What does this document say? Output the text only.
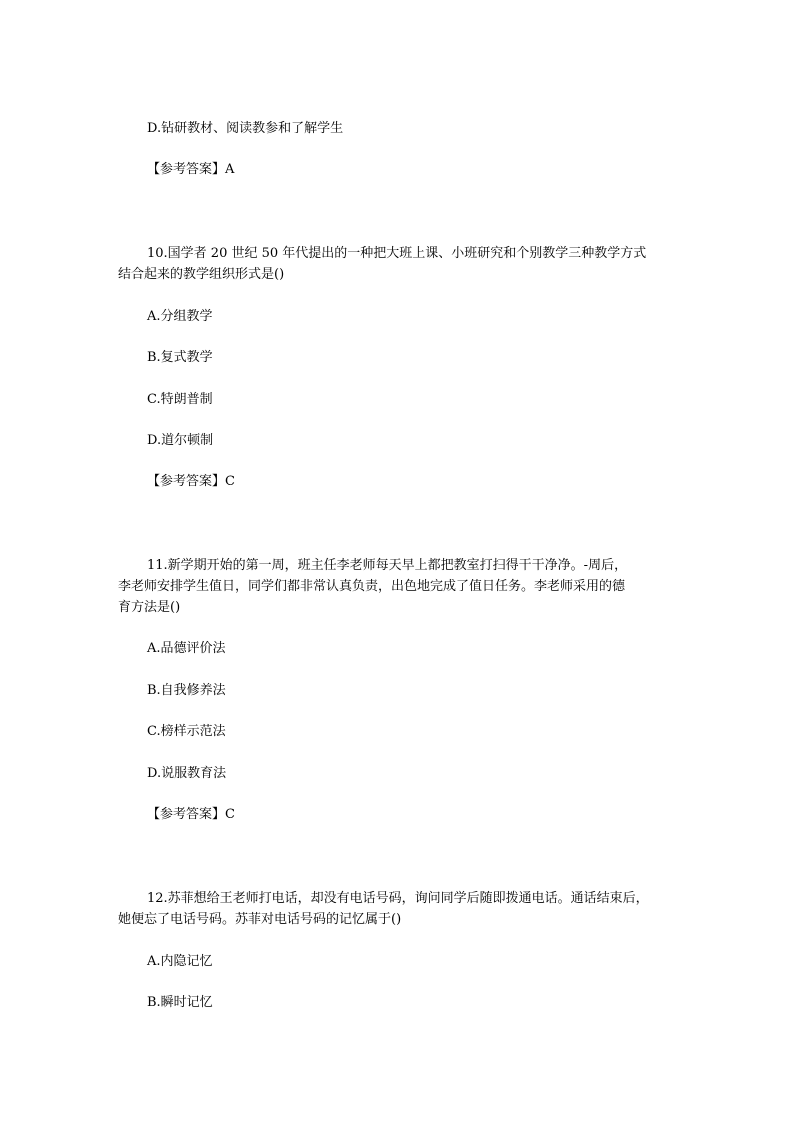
D.钻研教材、阅读教参和了解学生
【参考答案】A
10.国学者 20 世纪 50 年代提出的一种把大班上课、小班研究和个别教学三种教学方式
结合起来的教学组织形式是()
A.分组教学
B.复式教学
C.特朗普制
D.道尔顿制
【参考答案】C
11.新学期开始的第一周，班主任李老师每天早上都把教室打扫得干干净净。-周后，
李老师安排学生值日，同学们都非常认真负责，出色地完成了值日任务。李老师采用的德
育方法是()
A.品德评价法
B.自我修养法
C.榜样示范法
D.说服教育法
【参考答案】C
12.苏菲想给王老师打电话，却没有电话号码，询问同学后随即拨通电话。通话结束后，
她便忘了电话号码。苏菲对电话号码的记忆属于()
A.内隐记忆
B.瞬时记忆
